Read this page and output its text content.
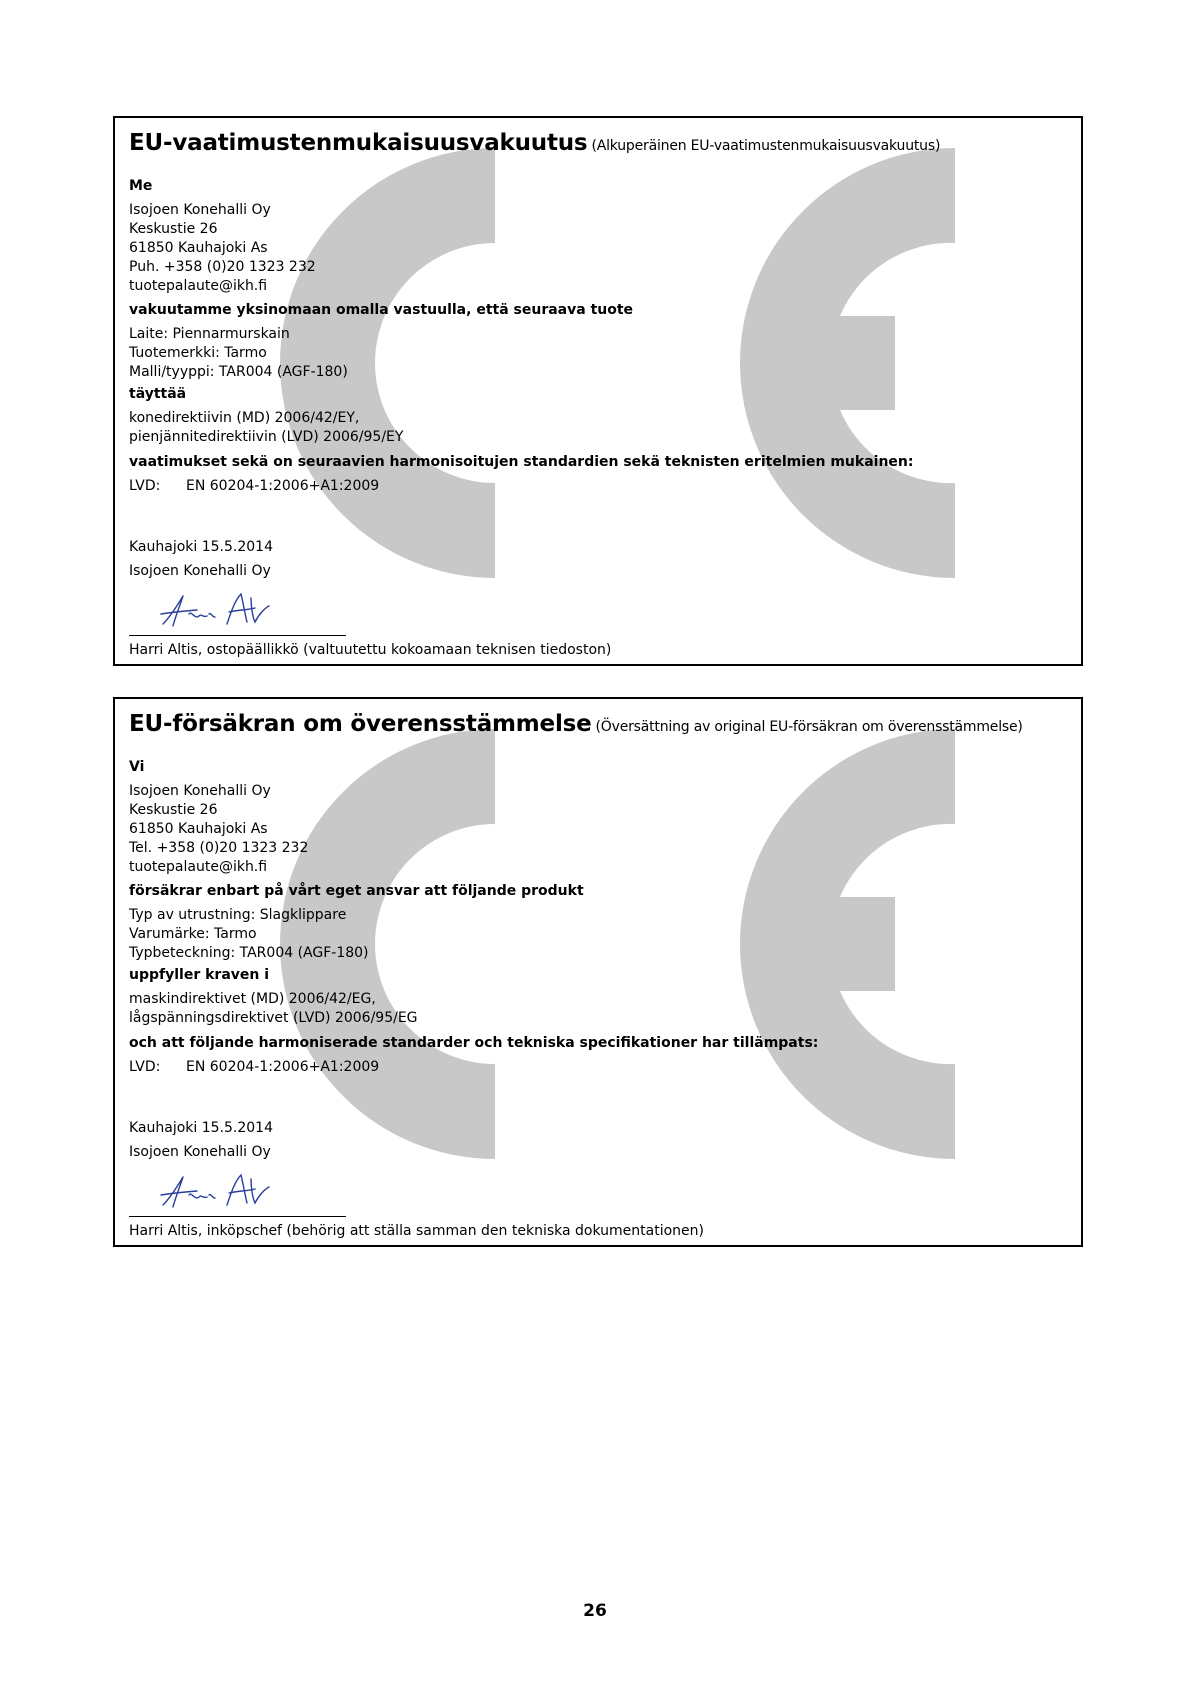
EU-vaatimustenmukaisuusvakuutus (Alkuperäinen EU-vaatimustenmukaisuusvakuutus)
Me
Isojoen Konehalli Oy
Keskustie 26
61850 Kauhajoki As
Puh. +358 (0)20 1323 232
tuotepalaute@ikh.fi
vakuutamme yksinomaan omalla vastuulla, että seuraava tuote
Laite: Piennarmurskain
Tuotemerkki: Tarmo
Malli/tyyppi: TAR004 (AGF-180)
täyttää
konedirektiivin (MD) 2006/42/EY,
pienjännitedirektiivin (LVD) 2006/95/EY
vaatimukset sekä on seuraavien harmonisoitujen standardien sekä teknisten eritelmien mukainen:
LVD: EN 60204-1:2006+A1:2009
Kauhajoki 15.5.2014
Isojoen Konehalli Oy
Harri Altis, ostopäällikkö (valtuutettu kokoamaan teknisen tiedoston)
EU-försäkran om överensstämmelse (Översättning av original EU-försäkran om överensstämmelse)
Vi
Isojoen Konehalli Oy
Keskustie 26
61850 Kauhajoki As
Tel. +358 (0)20 1323 232
tuotepalaute@ikh.fi
försäkrar enbart på vårt eget ansvar att följande produkt
Typ av utrustning: Slagklippare
Varumärke: Tarmo
Typbeteckning: TAR004 (AGF-180)
uppfyller kraven i
maskindirektivet (MD) 2006/42/EG,
lågspänningsdirektivet (LVD) 2006/95/EG
och att följande harmoniserade standarder och tekniska specifikationer har tillämpats:
LVD: EN 60204-1:2006+A1:2009
Kauhajoki 15.5.2014
Isojoen Konehalli Oy
Harri Altis, inköpschef (behörig att ställa samman den tekniska dokumentationen)
26
